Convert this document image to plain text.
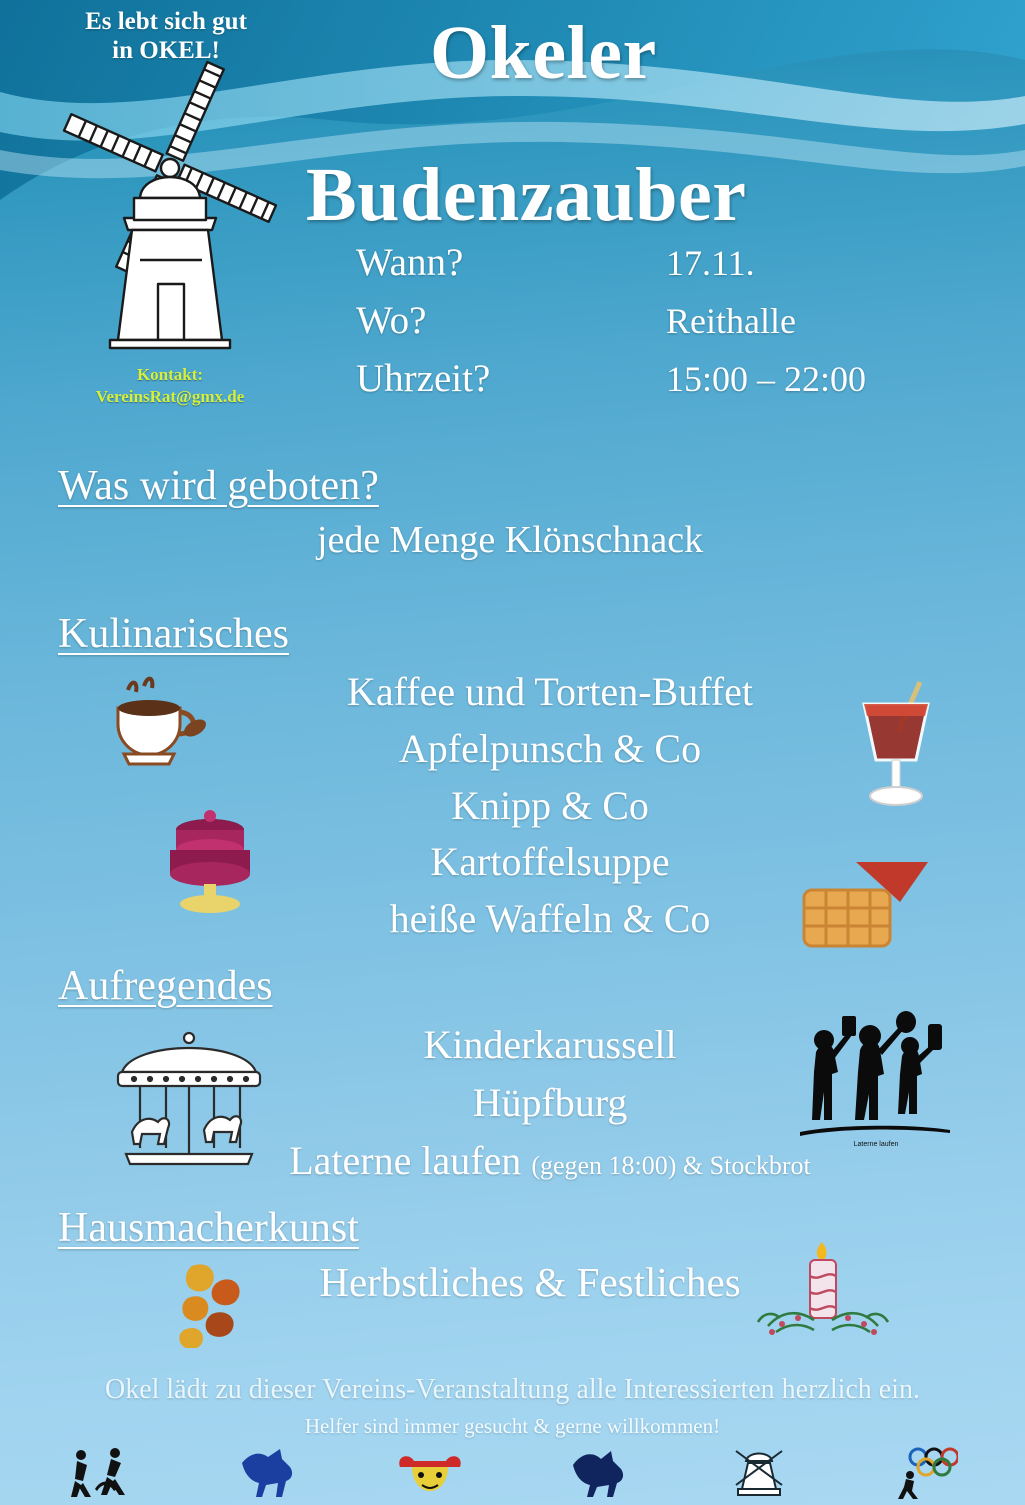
Es lebt sich gut
in OKEL!
Kontakt:
VereinsRat@gmx.de
Okeler
Budenzauber
Wann?	17.11.
Wo?	Reithalle
Uhrzeit?	15:00 – 22:00
Was wird geboten?
jede Menge Klönschnack
Kulinarisches
Kaffee und Torten-Buffet
Apfelpunsch & Co
Knipp & Co
Kartoffelsuppe
heiße Waffeln & Co
Aufregendes
Kinderkarussell
Hüpfburg
Laterne laufen (gegen 18:00) & Stockbrot
Hausmacherkunst
Herbstliches & Festliches
Laterne laufen
Okel lädt zu dieser Vereins-Veranstaltung alle Interessierten herzlich ein.
Helfer sind immer gesucht & gerne willkommen!
